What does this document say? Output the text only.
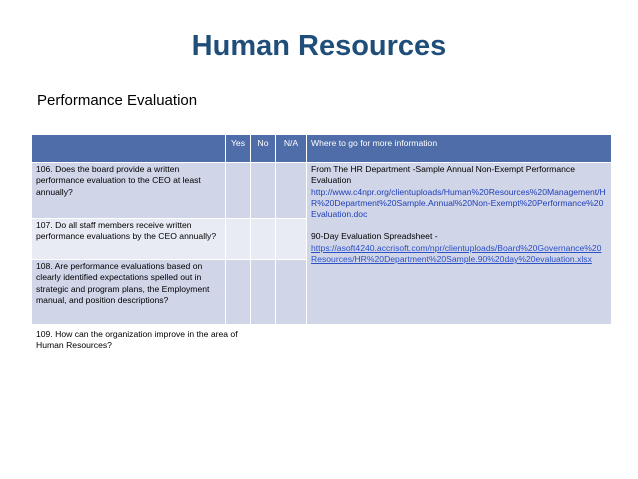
Human Resources
Performance Evaluation
	Yes	No	N/A	Where to go for more information
106. Does the board provide a written performance evaluation to the CEO at least annually?				From The HR Department -Sample Annual Non-Exempt Performance Evaluation
http://www.c4npr.org/clientuploads/Human%20Resources%20Management/HR%20Department%20Sample.Annual%20Non-Exempt%20Performance%20Evaluation.doc
90-Day Evaluation Spreadsheet -
https://asoft4240.accrisoft.com/npr/clientuploads/Board%20Governance%20Resources/HR%20Department%20Sample.90%20day%20evaluation.xlsx

107. Do all staff members receive written performance evaluations by the CEO annually?				
108. Are performance evaluations based on clearly identified expectations spelled out in strategic and program plans, the Employment manual, and position descriptions?				
109. How can the organization improve in the area of Human Resources?				
